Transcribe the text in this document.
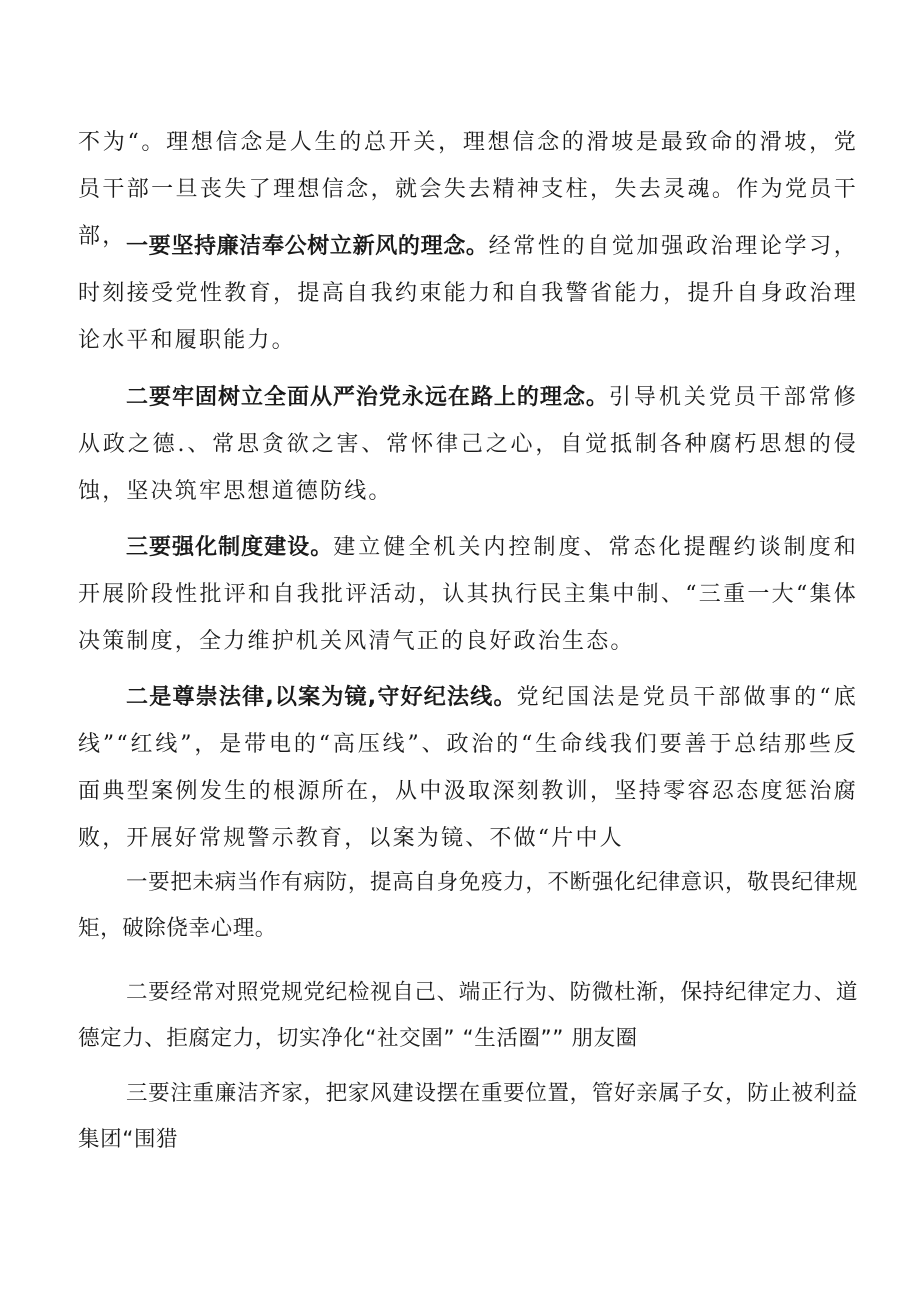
不为“。理想信念是人生的总开关，理想信念的滑坡是最致命的滑坡，党员干部一旦丧失了理想信念，就会失去精神支柱，失去灵魂。作为党员干部， 一要坚持廉洁奉公树立新风的理念。经常性的自觉加强政治理论学习，时刻接受党性教育，提高自我约束能力和自我警省能力，提升自身政治理论水平和履职能力。

二要牢固树立全面从严治党永远在路上的理念。引导机关党员干部常修从政之德.、常思贪欲之害、常怀律己之心，自觉抵制各种腐朽思想的侵蚀，坚决筑牢思想道德防线。

三要强化制度建设。建立健全机关内控制度、常态化提醒约谈制度和开展阶段性批评和自我批评活动，认其执行民主集中制、“三重一大“集体决策制度，全力维护机关风清气正的良好政治生态。

二是尊崇法律,以案为镜,守好纪法线。党纪国法是党员干部做事的“底线”“红线”，是带电的“高压线”、政治的“生命线我们要善于总结那些反面典型案例发生的根源所在，从中汲取深刻教训，坚持零容忍态度惩治腐败，开展好常规警示教育，以案为镜、不做“片中人

一要把未病当作有病防，提高自身免疫力，不断强化纪律意识，敬畏纪律规矩，破除侥幸心理。

二要经常对照党规党纪检视自己、端正行为、防微杜渐，保持纪律定力、道德定力、拒腐定力，切实净化“社交圉” “生活圈”” 朋友圈

三要注重廉洁齐家，把家风建设摆在重要位置，管好亲属子女，防止被利益集团“围猎
